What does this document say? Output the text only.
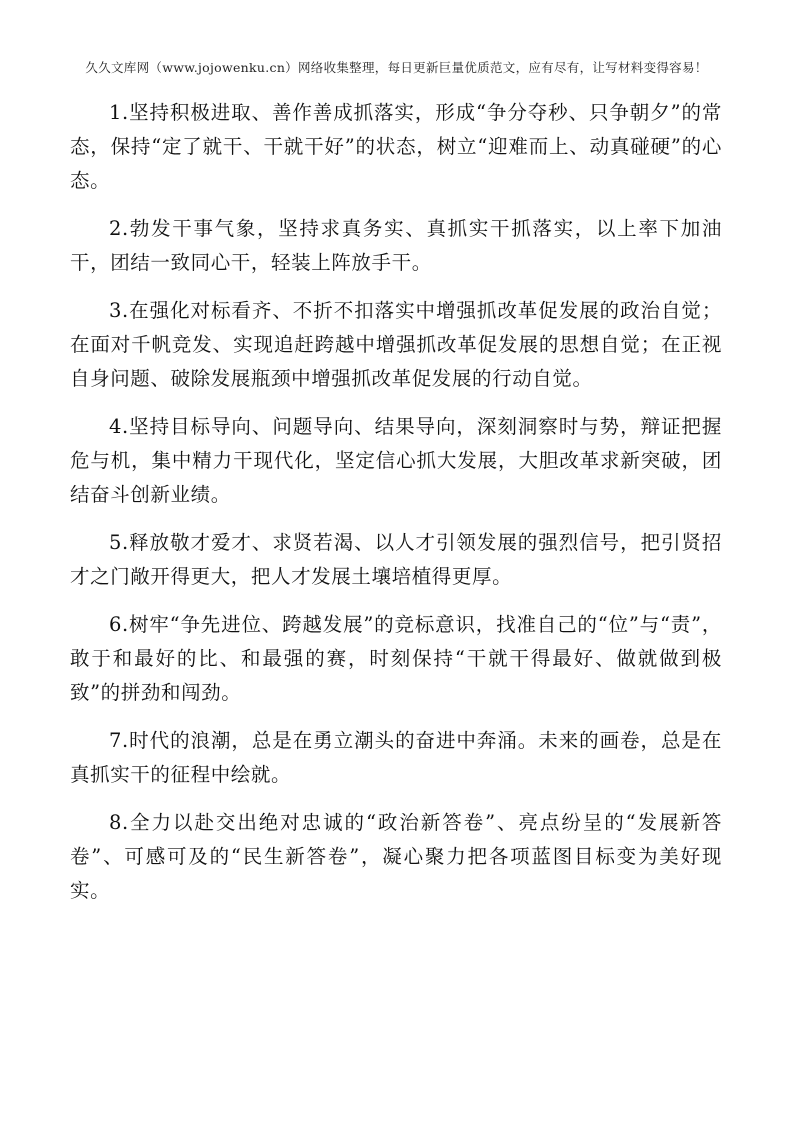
久久文库网（www.jojowenku.cn）网络收集整理，每日更新巨量优质范文，应有尽有，让写材料变得容易！

1.坚持积极进取、善作善成抓落实，形成“争分夺秒、只争朝夕”的常态，保持“定了就干、干就干好”的状态，树立“迎难而上、动真碰硬”的心态。

2.勃发干事气象，坚持求真务实、真抓实干抓落实，以上率下加油干，团结一致同心干，轻装上阵放手干。

3.在强化对标看齐、不折不扣落实中增强抓改革促发展的政治自觉；在面对千帆竞发、实现追赶跨越中增强抓改革促发展的思想自觉；在正视自身问题、破除发展瓶颈中增强抓改革促发展的行动自觉。

4.坚持目标导向、问题导向、结果导向，深刻洞察时与势，辩证把握危与机，集中精力干现代化，坚定信心抓大发展，大胆改革求新突破，团结奋斗创新业绩。

5.释放敬才爱才、求贤若渴、以人才引领发展的强烈信号，把引贤招才之门敞开得更大，把人才发展土壤培植得更厚。

6.树牢“争先进位、跨越发展”的竞标意识，找准自己的“位”与“责”，敢于和最好的比、和最强的赛，时刻保持“干就干得最好、做就做到极致”的拼劲和闯劲。

7.时代的浪潮，总是在勇立潮头的奋进中奔涌。未来的画卷，总是在真抓实干的征程中绘就。

8.全力以赴交出绝对忠诚的“政治新答卷”、亮点纷呈的“发展新答卷”、可感可及的“民生新答卷”，凝心聚力把各项蓝图目标变为美好现实。
